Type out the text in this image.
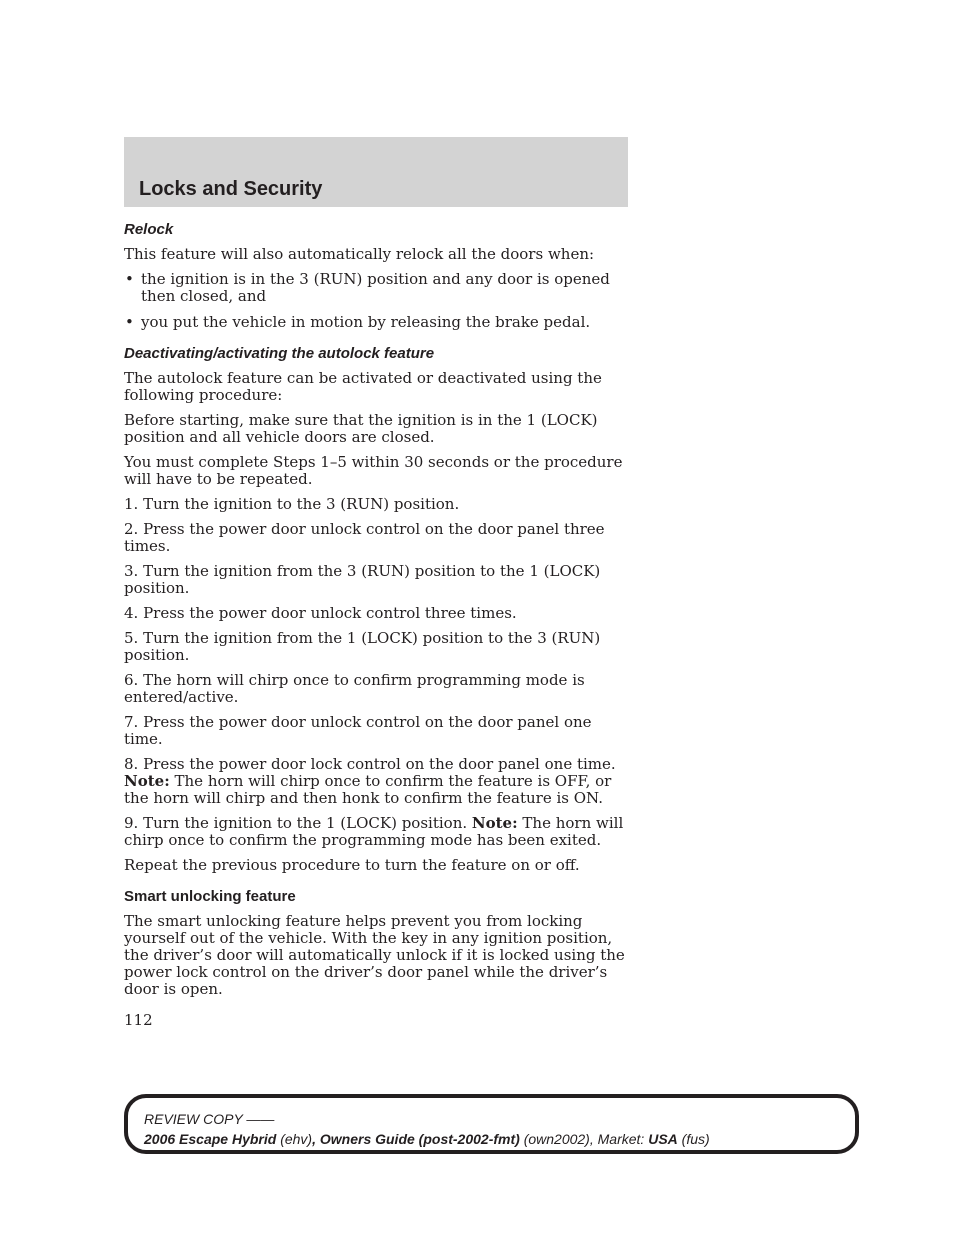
Locks and Security
Relock

This feature will also automatically relock all the doors when:

• the ignition is in the 3 (RUN) position and any door is opened then closed, and
• you put the vehicle in motion by releasing the brake pedal.
Deactivating/activating the autolock feature

The autolock feature can be activated or deactivated using the following procedure:

Before starting, make sure that the ignition is in the 1 (LOCK) position and all vehicle doors are closed.

You must complete Steps 1–5 within 30 seconds or the procedure will have to be repeated.

1. Turn the ignition to the 3 (RUN) position.
2. Press the power door unlock control on the door panel three times.
3. Turn the ignition from the 3 (RUN) position to the 1 (LOCK) position.
4. Press the power door unlock control three times.
5. Turn the ignition from the 1 (LOCK) position to the 3 (RUN) position.
6. The horn will chirp once to confirm programming mode is entered/active.
7. Press the power door unlock control on the door panel one time.
8. Press the power door lock control on the door panel one time. Note: The horn will chirp once to confirm the feature is OFF, or the horn will chirp and then honk to confirm the feature is ON.
9. Turn the ignition to the 1 (LOCK) position. Note: The horn will chirp once to confirm the programming mode has been exited.

Repeat the previous procedure to turn the feature on or off.

Smart unlocking feature

The smart unlocking feature helps prevent you from locking yourself out of the vehicle. With the key in any ignition position, the driver’s door will automatically unlock if it is locked using the power lock control on the driver’s door panel while the driver’s door is open.

112
REVIEW COPY ——
2006 Escape Hybrid (ehv), Owners Guide (post-2002-fmt) (own2002), Market: USA (fus)
